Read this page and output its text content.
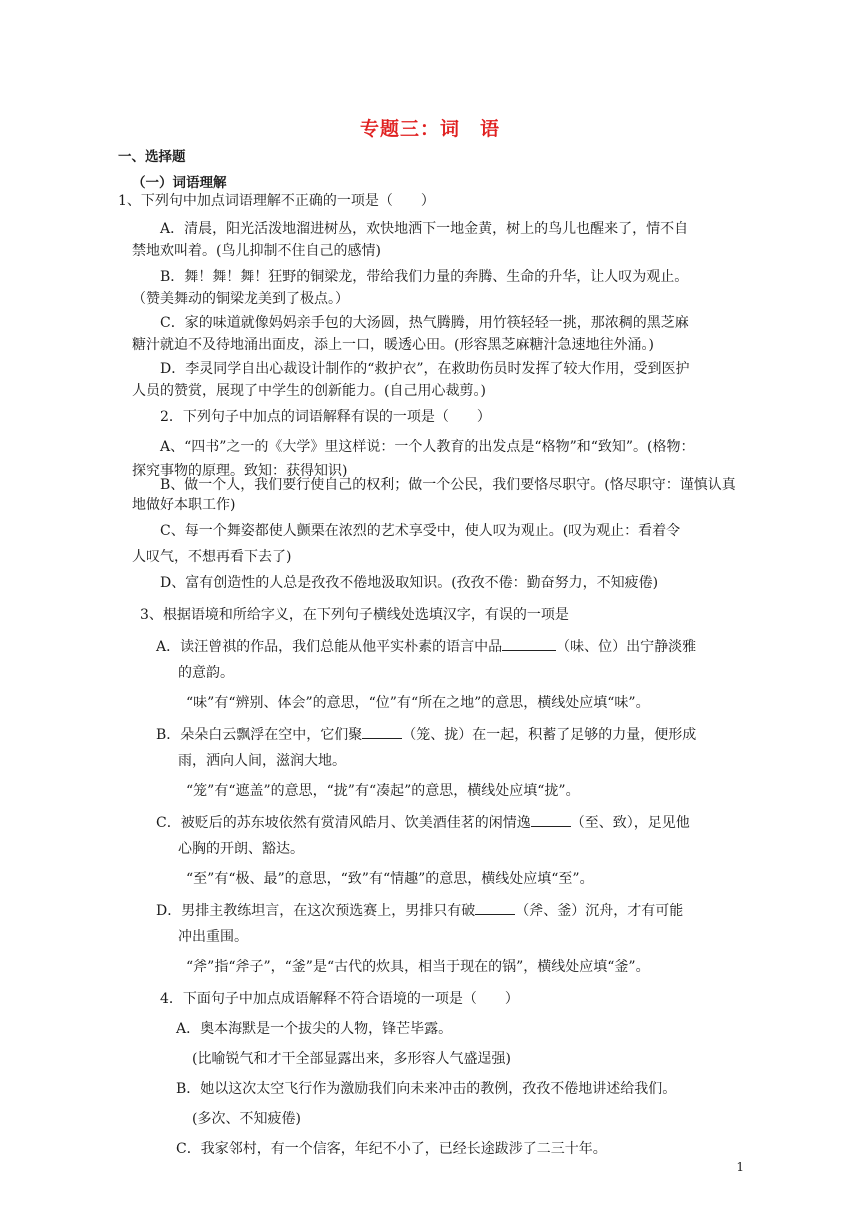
专题三：词　语
一、选择题
（一）词语理解
1、下列句中加点词语理解不正确的一项是（　　）
A．清晨，阳光活泼地溜进树丛，欢快地洒下一地金黄，树上的鸟儿也醒来了，情不自
禁地欢叫着。(鸟儿抑制不住自己的感情)
B．舞！舞！舞！狂野的铜梁龙，带给我们力量的奔腾、生命的升华，让人叹为观止。
（赞美舞动的铜梁龙美到了极点。）
C．家的味道就像妈妈亲手包的大汤圆，热气腾腾，用竹筷轻轻一挑，那浓稠的黑芝麻
糖汁就迫不及待地涌出面皮，添上一口，暖透心田。(形容黑芝麻糖汁急速地往外涌。)
D．李灵同学自出心裁设计制作的“救护衣”，在救助伤员时发挥了较大作用，受到医护
人员的赞赏，展现了中学生的创新能力。(自己用心裁剪。)
2．下列句子中加点的词语解释有误的一项是（　　）
A、“四书”之一的《大学》里这样说：一个人教育的出发点是“格物”和“致知”。(格物：
探究事物的原理。致知：获得知识)
B、做一个人，我们要行使自己的权利；做一个公民，我们要恪尽职守。(恪尽职守：谨慎认真
地做好本职工作)
C、每一个舞姿都使人颤栗在浓烈的艺术享受中，使人叹为观止。(叹为观止：看着令
人叹气，不想再看下去了)
D、富有创造性的人总是孜孜不倦地汲取知识。(孜孜不倦：勤奋努力，不知疲倦)
3、根据语境和所给字义，在下列句子横线处选填汉字，有误的一项是
A．读汪曾祺的作品，我们总能从他平实朴素的语言中品	（味、位）出宁静淡雅
的意韵。
“味”有“辨别、体会”的意思，“位”有“所在之地”的意思，横线处应填“味”。
B．朵朵白云飘浮在空中，它们聚	（笼、拢）在一起，积蓄了足够的力量，便形成
雨，洒向人间，滋润大地。
“笼”有“遮盖”的意思，“拢”有“凑起”的意思，横线处应填“拢”。
C．被贬后的苏东坡依然有赏清风皓月、饮美酒佳茗的闲情逸	（至、致），足见他
心胸的开朗、豁达。
“至”有“极、最”的意思，“致”有“情趣”的意思，横线处应填“至”。
D．男排主教练坦言，在这次预选赛上，男排只有破	（斧、釜）沉舟，才有可能
冲出重围。
“斧”指“斧子”，“釜”是“古代的炊具，相当于现在的锅”，横线处应填“釜”。
4．下面句子中加点成语解释不符合语境的一项是（　　）
A．奥本海默是一个拔尖的人物，锋芒毕露。
(比喻锐气和才干全部显露出来，多形容人气盛逞强)
B．她以这次太空飞行作为激励我们向未来冲击的教例，孜孜不倦地讲述给我们。
(多次、不知疲倦)
C．我家邻村，有一个信客，年纪不小了，已经长途跋涉了二三十年。
1
